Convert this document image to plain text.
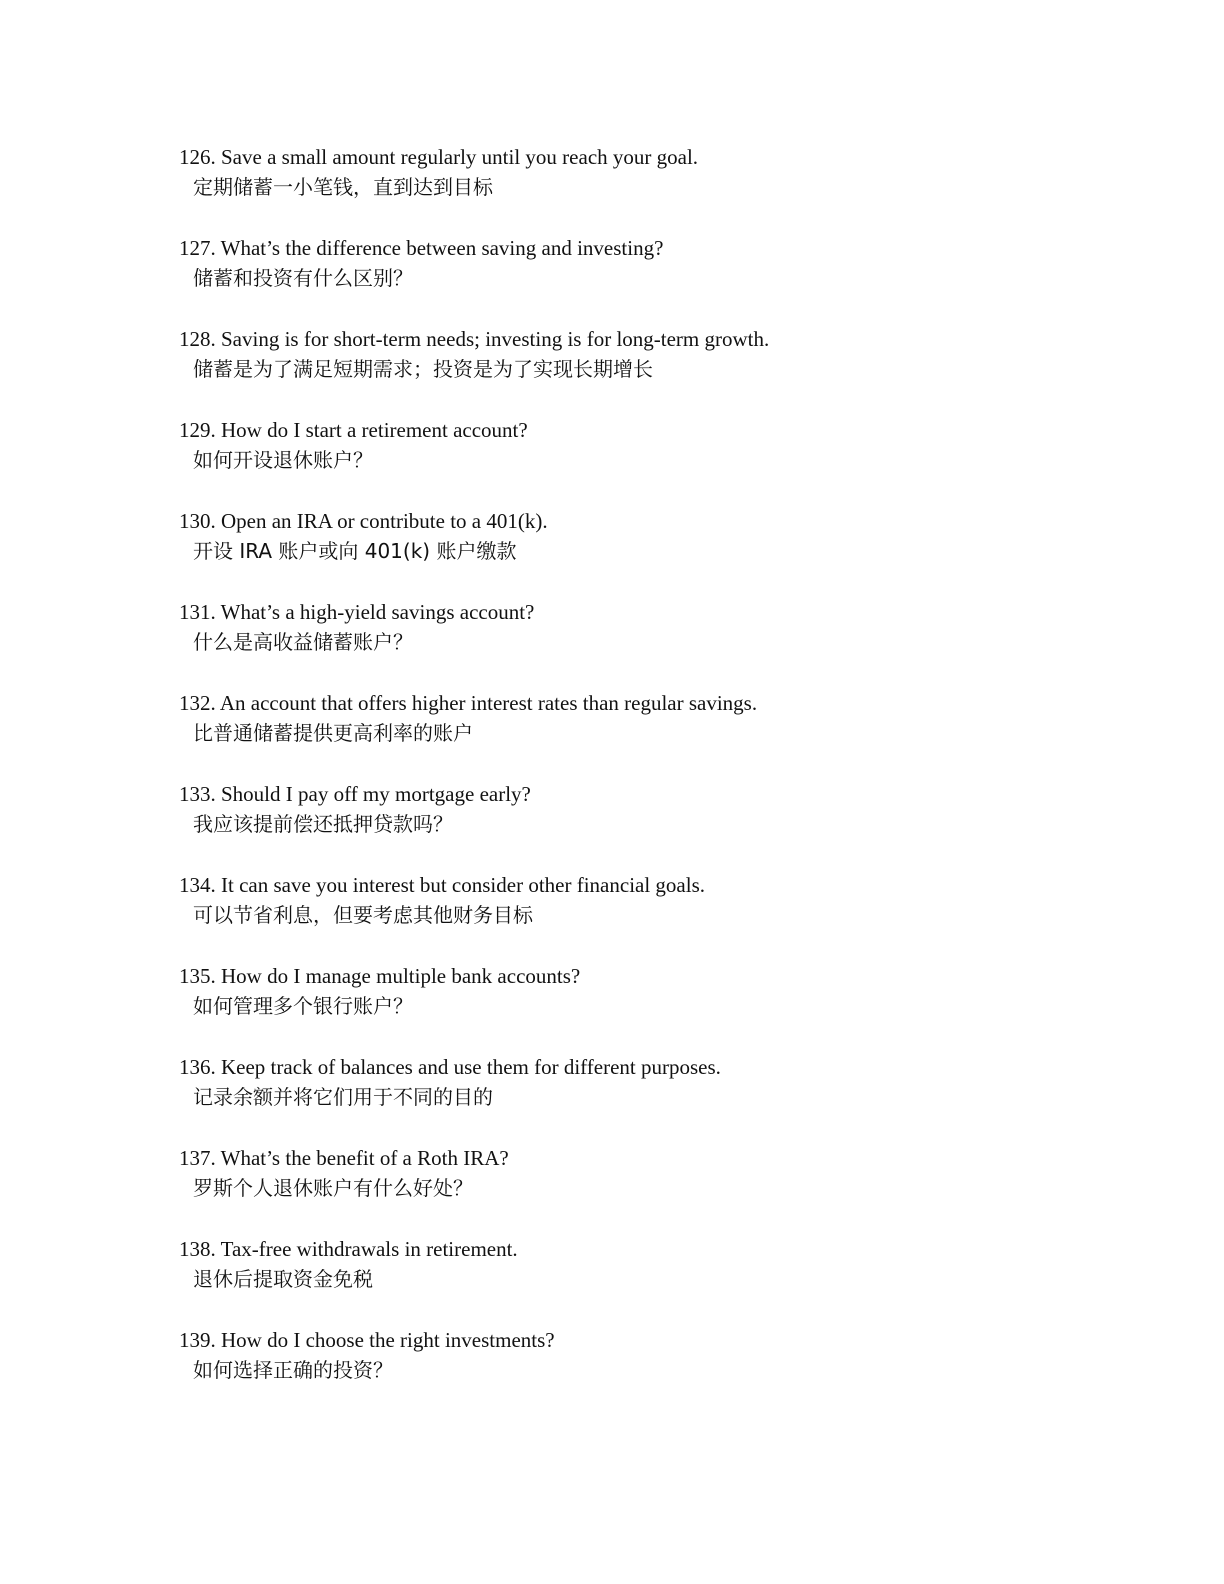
126. Save a small amount regularly until you reach your goal.
定期储蓄一小笔钱，直到达到目标
127. What’s the difference between saving and investing?
储蓄和投资有什么区别？
128. Saving is for short-term needs; investing is for long-term growth.
储蓄是为了满足短期需求；投资是为了实现长期增长
129. How do I start a retirement account?
如何开设退休账户？
130. Open an IRA or contribute to a 401(k).
开设 IRA 账户或向 401(k) 账户缴款
131. What’s a high-yield savings account?
什么是高收益储蓄账户？
132. An account that offers higher interest rates than regular savings.
比普通储蓄提供更高利率的账户
133. Should I pay off my mortgage early?
我应该提前偿还抵押贷款吗？
134. It can save you interest but consider other financial goals.
可以节省利息，但要考虑其他财务目标
135. How do I manage multiple bank accounts?
如何管理多个银行账户？
136. Keep track of balances and use them for different purposes.
记录余额并将它们用于不同的目的
137. What’s the benefit of a Roth IRA?
罗斯个人退休账户有什么好处？
138. Tax-free withdrawals in retirement.
退休后提取资金免税
139. How do I choose the right investments?
如何选择正确的投资？
